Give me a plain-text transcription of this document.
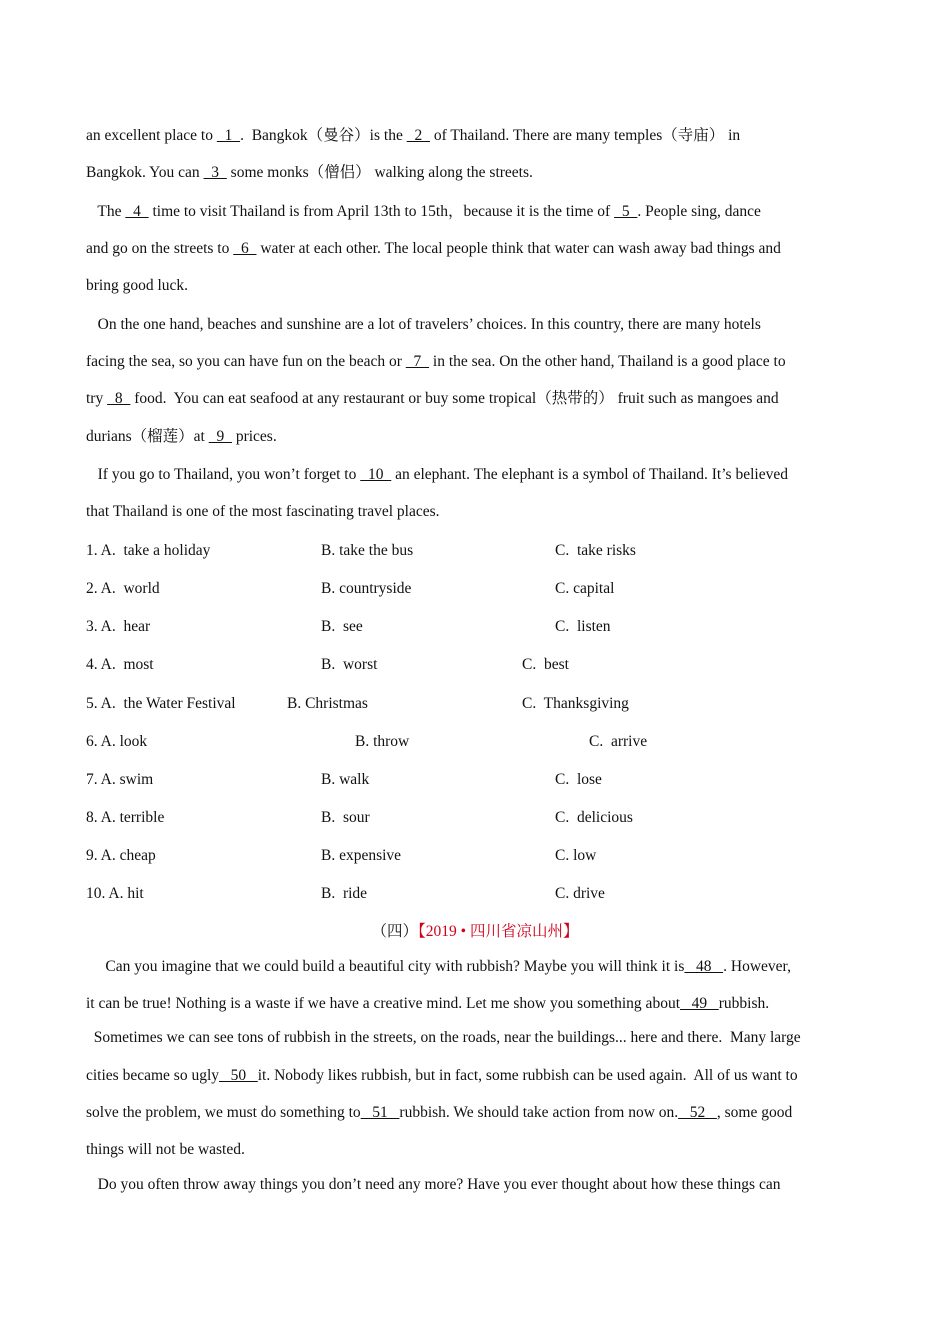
an excellent place to   1  .  Bangkok（曼谷）is the   2   of Thailand. There are many temples（寺庙） in
Bangkok. You can   3   some monks（僧侣） walking along the streets.
The   4   time to visit Thailand is from April 13th to 15th，because it is the time of   5  . People sing, dance
and go on the streets to   6   water at each other. The local people think that water can wash away bad things and
bring good luck.
On the one hand, beaches and sunshine are a lot of travelers’ choices. In this country, there are many hotels
facing the sea, so you can have fun on the beach or   7   in the sea. On the other hand, Thailand is a good place to
try   8   food.  You can eat seafood at any restaurant or buy some tropical（热带的） fruit such as mangoes and
durians（榴莲）at   9   prices.
If you go to Thailand, you won’t forget to   10   an elephant. The elephant is a symbol of Thailand. It’s believed
that Thailand is one of the most fascinating travel places.
1. A.  take a holiday	B. take the bus	C.  take risks
2. A.  world	B. countryside	C. capital
3. A.  hear	B.  see	C.  listen
4. A.  most	B.  worst	C.  best
5. A.  the Water Festival	B. Christmas	C.  Thanksgiving
6. A. look	B. throw	C.  arrive
7. A. swim	B. walk	C.  lose
8. A. terrible	B.  sour	C.  delicious
9. A. cheap	B. expensive	C. low
10. A. hit	B.  ride	C. drive
（四）【2019 • 四川省凉山州】
Can you imagine that we could build a beautiful city with rubbish? Maybe you will think it is   48   . However,
it can be true! Nothing is a waste if we have a creative mind. Let me show you something about   49   rubbish.
Sometimes we can see tons of rubbish in the streets, on the roads, near the buildings... here and there.  Many large
cities became so ugly   50   it. Nobody likes rubbish, but in fact, some rubbish can be used again.  All of us want to
solve the problem, we must do something to   51   rubbish. We should take action from now on.   52   , some good
things will not be wasted.
Do you often throw away things you don’t need any more? Have you ever thought about how these things can
